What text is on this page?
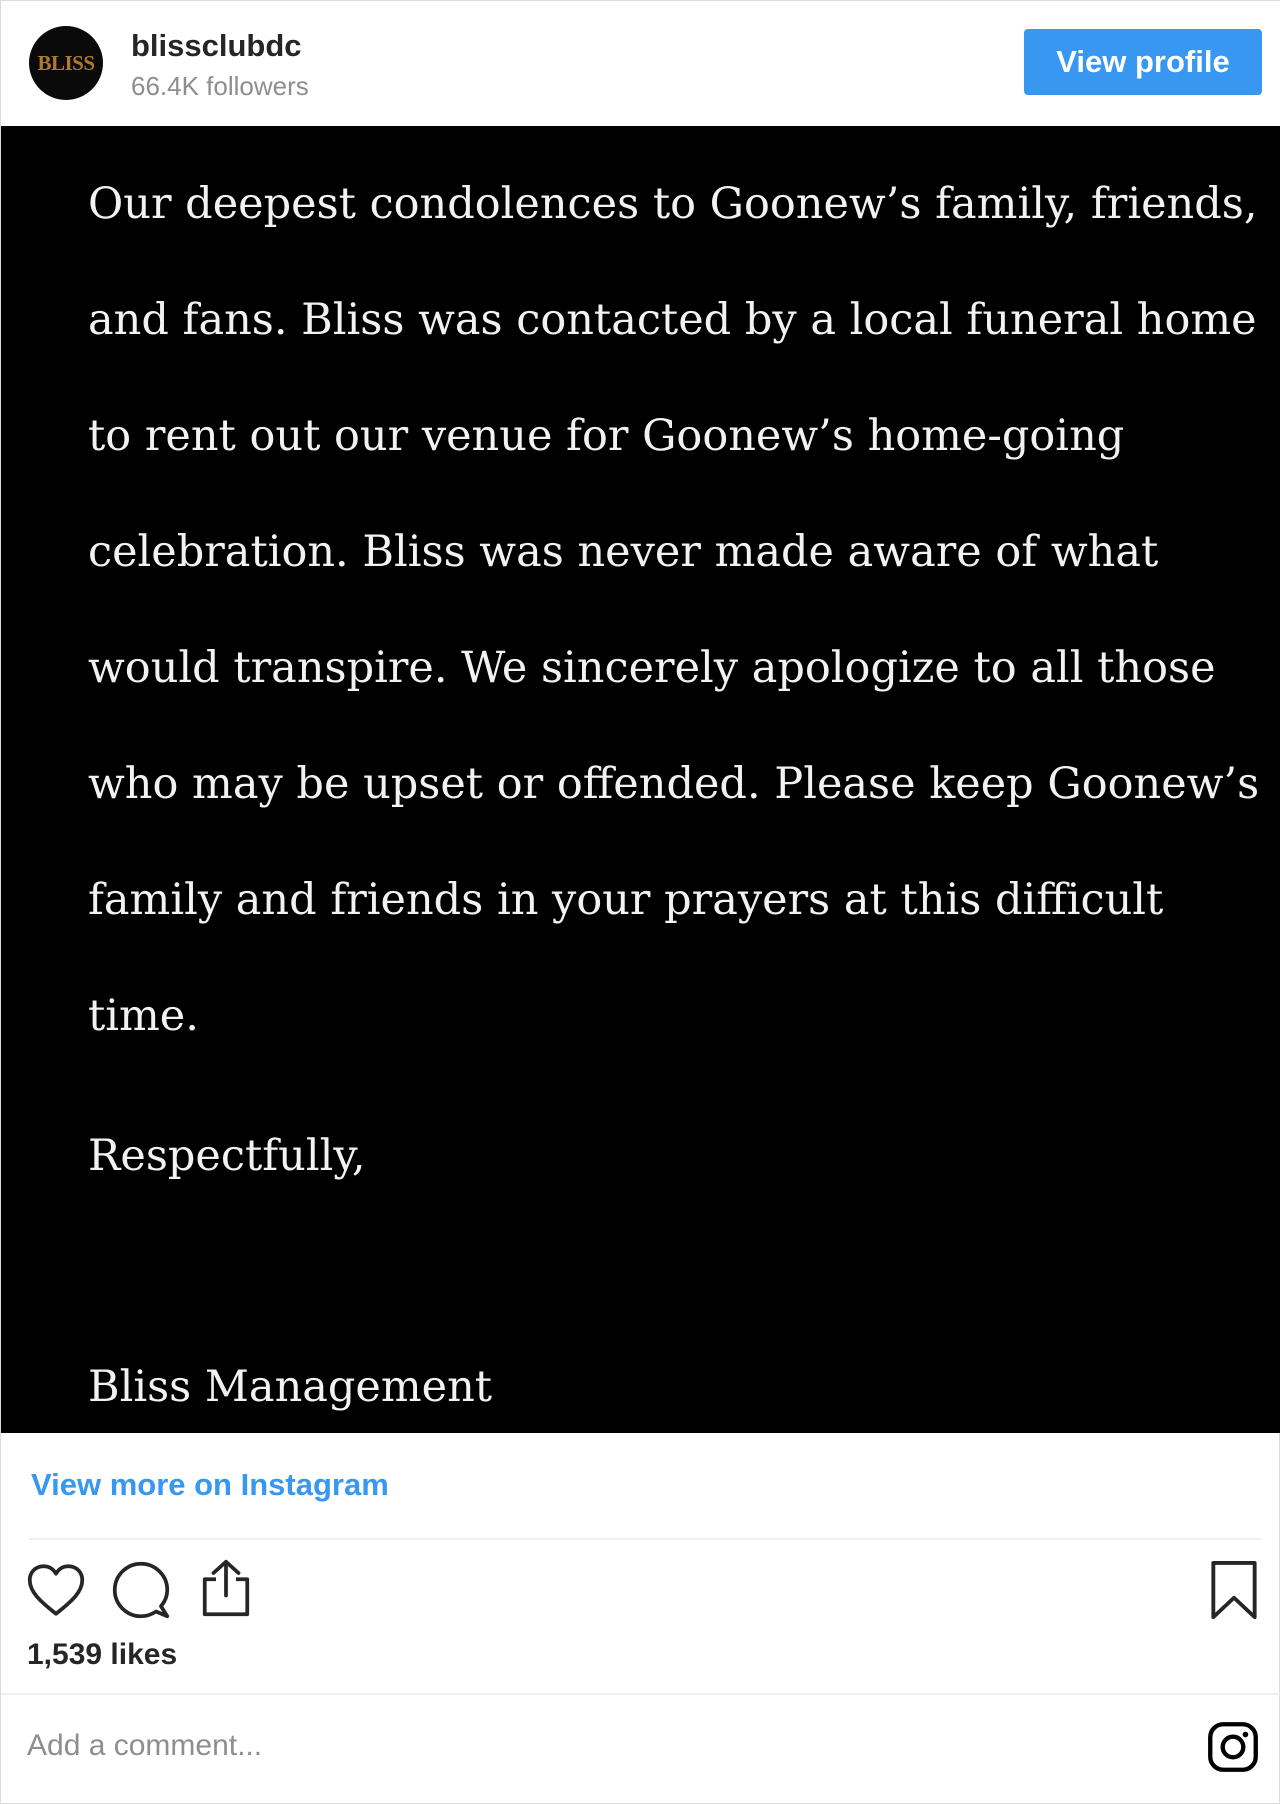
BLISS blissclubdc
66.4K followers
View profile

Our deepest condolences to Goonew’s family, friends, and fans. Bliss was contacted by a local funeral home to rent out our venue for Goonew’s home-going celebration. Bliss was never made aware of what would transpire. We sincerely apologize to all those who may be upset or offended. Please keep Goonew’s family and friends in your prayers at this difficult time.

Respectfully,

Bliss Management

View more on Instagram
1,539 likes
Add a comment...
